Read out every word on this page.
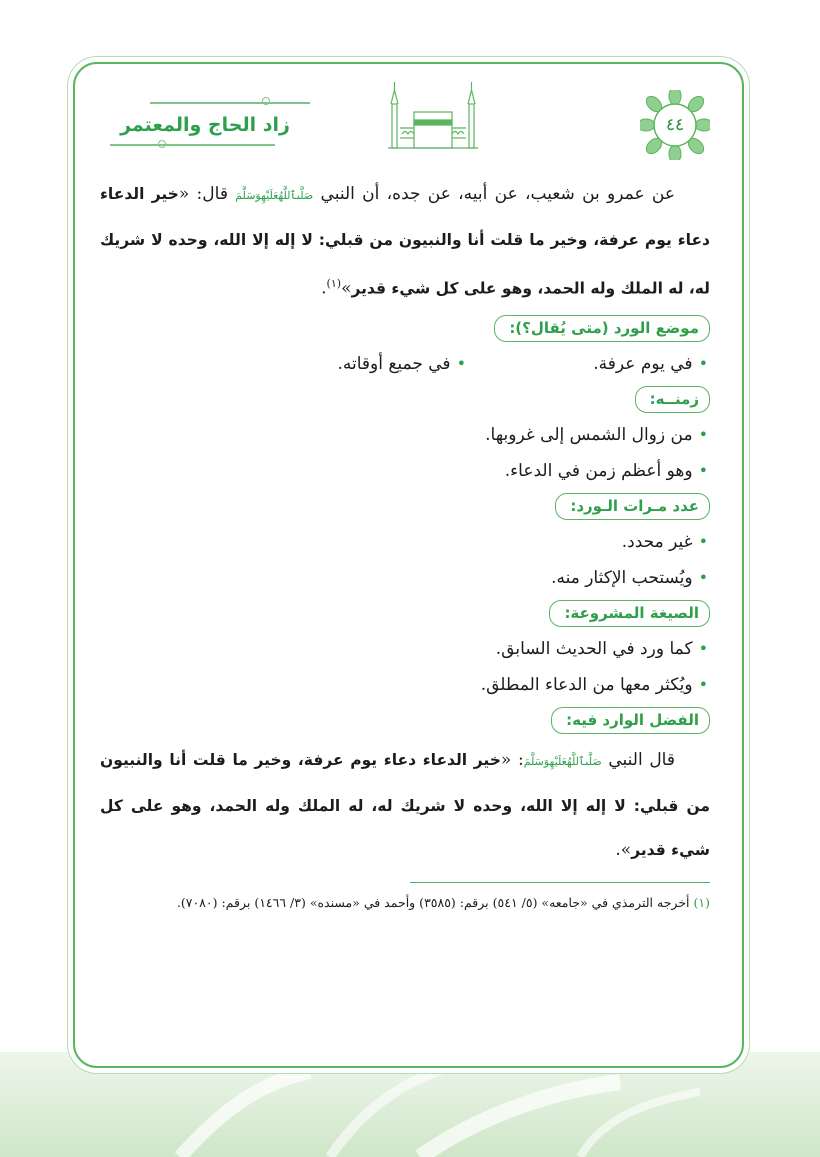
زاد الحاج والمعتمر	٤٤

عن عمرو بن شعيب، عن أبيه، عن جده، أن النبي صَلَّىٱللَّهُعَلَيْهِوَسَلَّمَ قال: «خير الدعاء دعاء يوم عرفة، وخير ما قلت أنا والنبيون من قبلي: لا إله إلا الله، وحده لا شريك له، له الملك وله الحمد، وهو على كل شيء قدير»$^{(١)}$.

موضع الورد (متى يُقال؟):
•في يوم عرفة.
•في جميع أوقاته.
زمنــه:
•من زوال الشمس إلى غروبها.
•وهو أعظم زمن في الدعاء.
عدد مـرات الـورد:
•غير محدد.
•ويُستحب الإكثار منه.
الصيغة المشروعة:
•كما ورد في الحديث السابق.
•ويُكثر معها من الدعاء المطلق.
الفضل الوارد فيه:

قال النبي صَلَّىٱللَّهُعَلَيْهِوَسَلَّمَ: «خير الدعاء دعاء يوم عرفة، وخير ما قلت أنا والنبيون من قبلي: لا إله إلا الله، وحده لا شريك له، له الملك وله الحمد، وهو على كل شيء قدير».

(١) أخرجه الترمذي في «جامعه» (٥/ ٥٤١) برقم: (٣٥٨٥) وأحمد في «مسنده» (٣/ ١٤٦٦) برقم: (٧٠٨٠).
